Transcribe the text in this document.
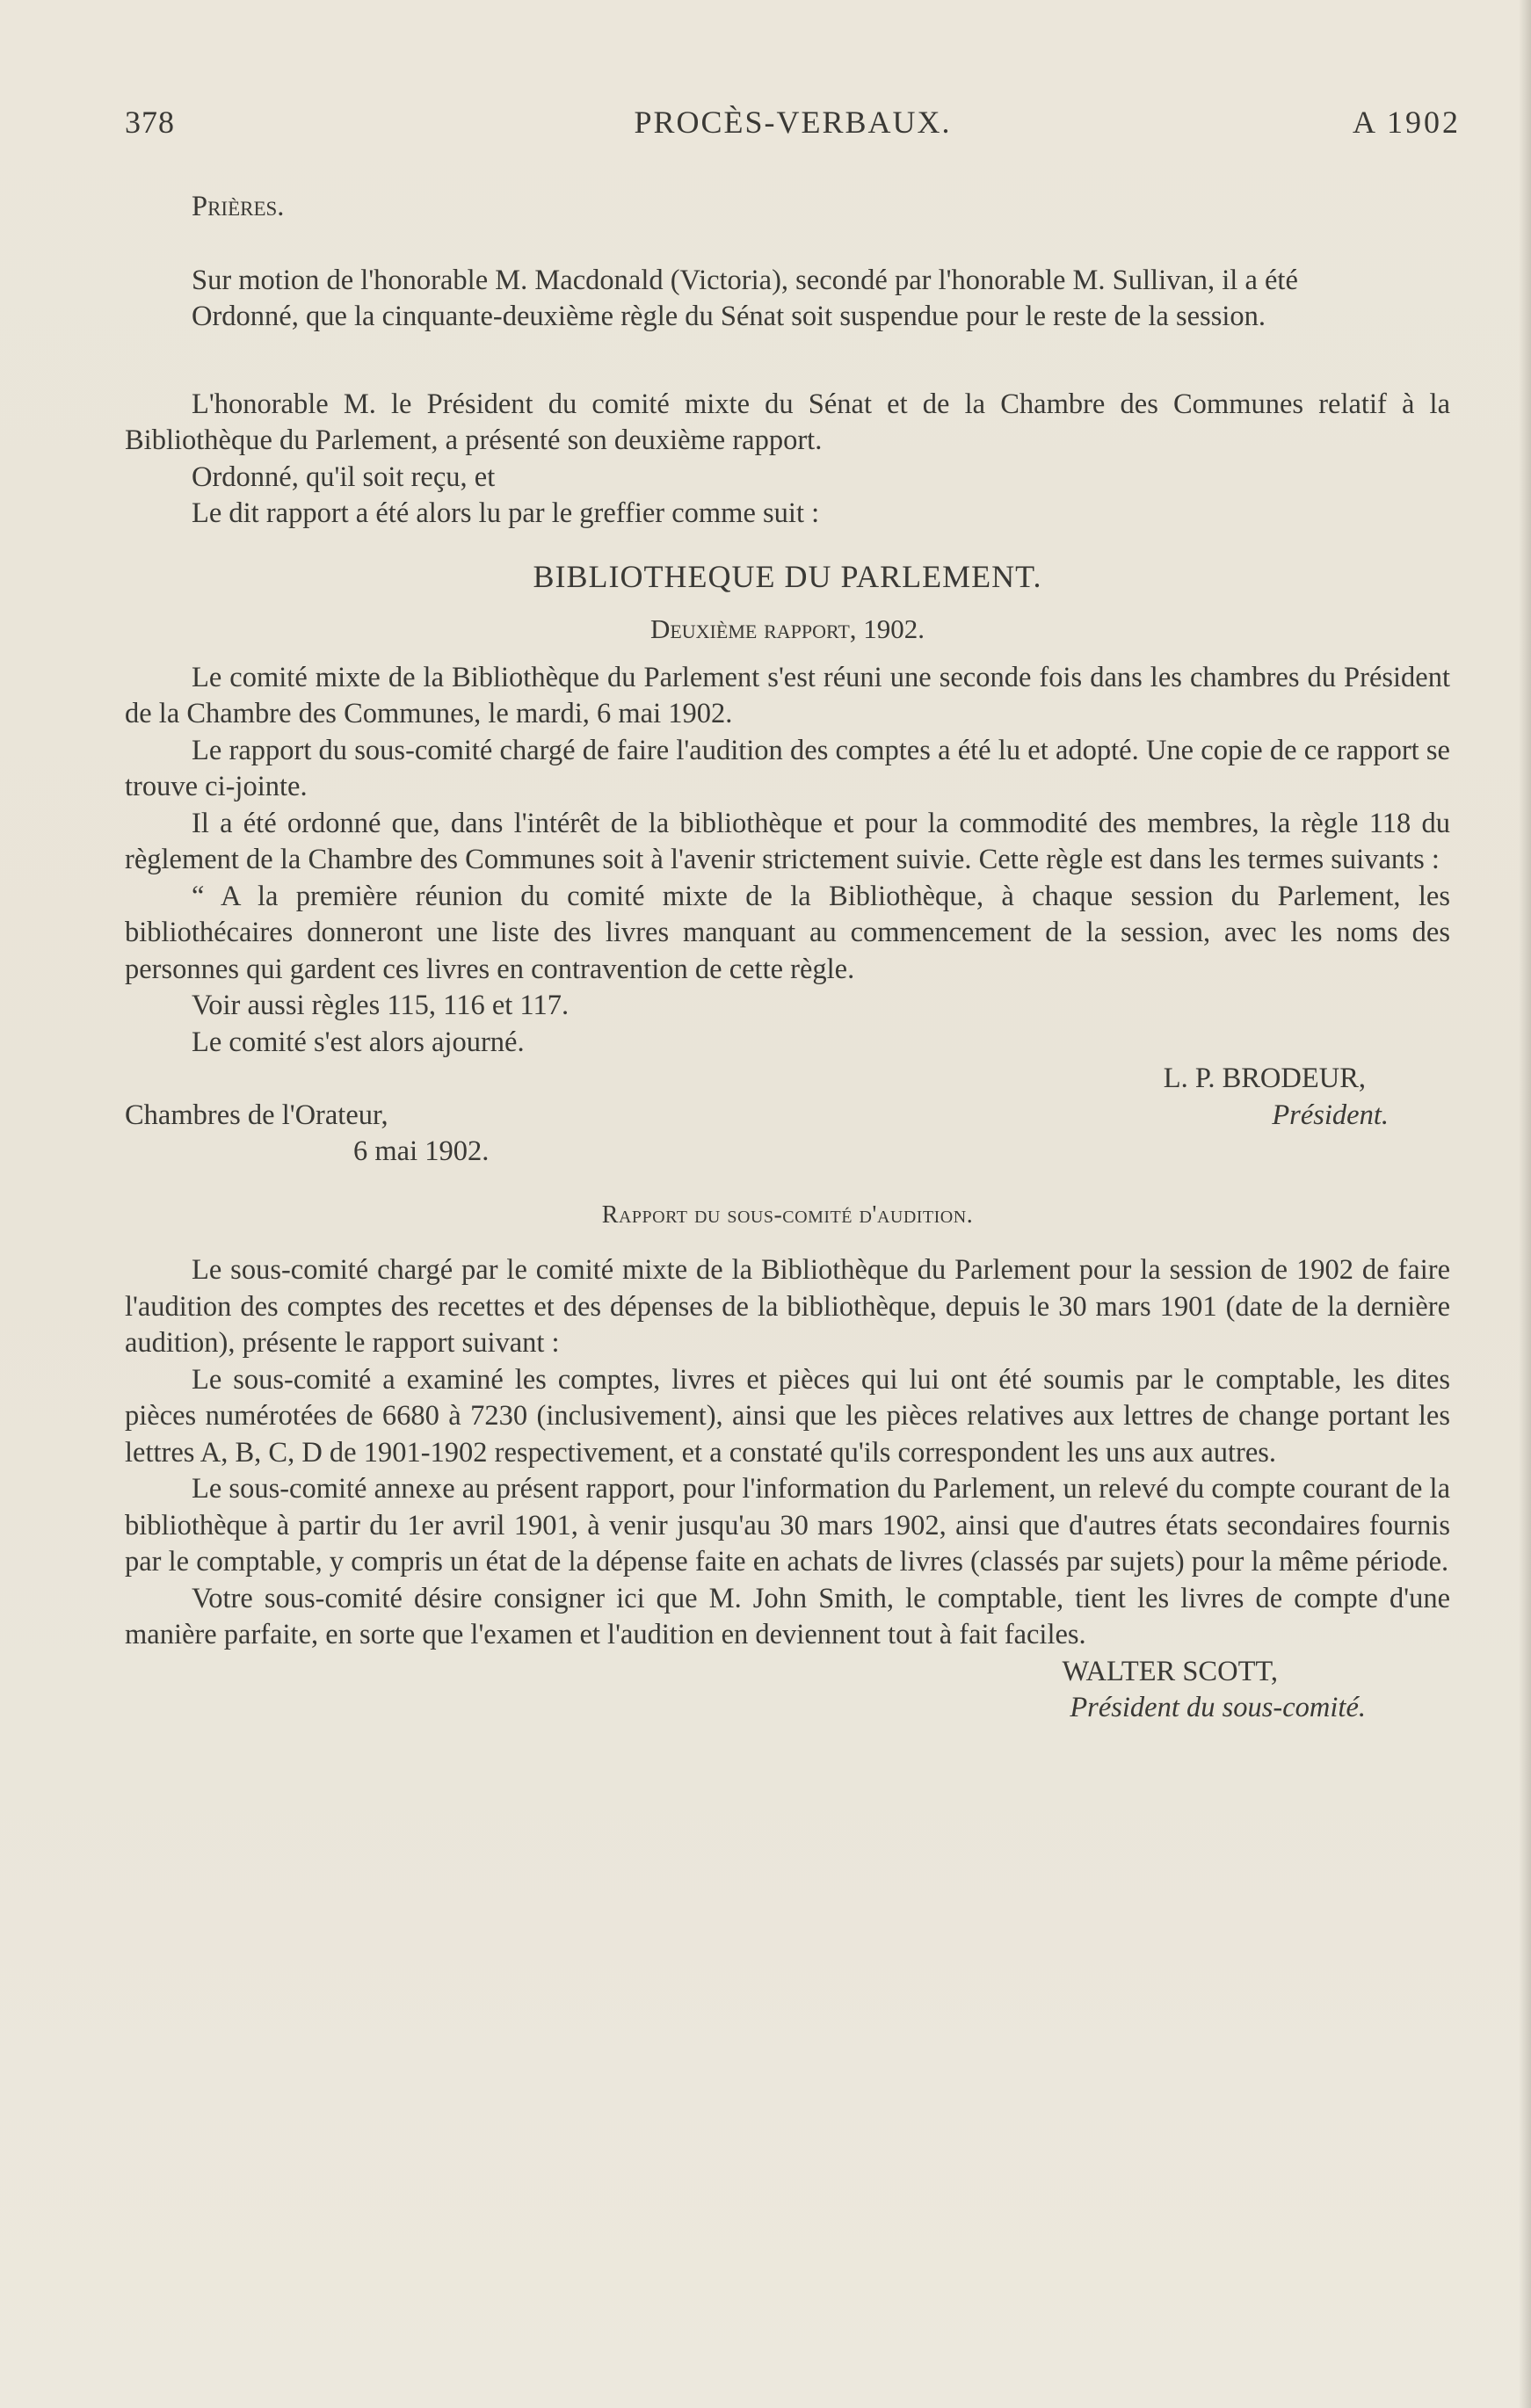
378	PROCÈS-VERBAUX.	A 1902

Prières.

Sur motion de l'honorable M. Macdonald (Victoria), secondé par l'honorable M. Sullivan, il a été

Ordonné, que la cinquante-deuxième règle du Sénat soit suspendue pour le reste de la session.

L'honorable M. le Président du comité mixte du Sénat et de la Chambre des Communes relatif à la Bibliothèque du Parlement, a présenté son deuxième rapport.

Ordonné, qu'il soit reçu, et

Le dit rapport a été alors lu par le greffier comme suit :

BIBLIOTHEQUE DU PARLEMENT.

Deuxième rapport, 1902.

Le comité mixte de la Bibliothèque du Parlement s'est réuni une seconde fois dans les chambres du Président de la Chambre des Communes, le mardi, 6 mai 1902.

Le rapport du sous-comité chargé de faire l'audition des comptes a été lu et adopté. Une copie de ce rapport se trouve ci-jointe.

Il a été ordonné que, dans l'intérêt de la bibliothèque et pour la commodité des membres, la règle 118 du règlement de la Chambre des Communes soit à l'avenir strictement suivie. Cette règle est dans les termes suivants :

“ A la première réunion du comité mixte de la Bibliothèque, à chaque session du Parlement, les bibliothécaires donneront une liste des livres manquant au commencement de la session, avec les noms des personnes qui gardent ces livres en contravention de cette règle.

Voir aussi règles 115, 116 et 117.

Le comité s'est alors ajourné.

L. P. BRODEUR,
Chambres de l'Orateur,	Président.
6 mai 1902.

Rapport du sous-comité d'audition.

Le sous-comité chargé par le comité mixte de la Bibliothèque du Parlement pour la session de 1902 de faire l'audition des comptes des recettes et des dépenses de la bibliothèque, depuis le 30 mars 1901 (date de la dernière audition), présente le rapport suivant :

Le sous-comité a examiné les comptes, livres et pièces qui lui ont été soumis par le comptable, les dites pièces numérotées de 6680 à 7230 (inclusivement), ainsi que les pièces relatives aux lettres de change portant les lettres A, B, C, D de 1901-1902 respectivement, et a constaté qu'ils correspondent les uns aux autres.

Le sous-comité annexe au présent rapport, pour l'information du Parlement, un relevé du compte courant de la bibliothèque à partir du 1er avril 1901, à venir jusqu'au 30 mars 1902, ainsi que d'autres états secondaires fournis par le comptable, y compris un état de la dépense faite en achats de livres (classés par sujets) pour la même période.

Votre sous-comité désire consigner ici que M. John Smith, le comptable, tient les livres de compte d'une manière parfaite, en sorte que l'examen et l'audition en deviennent tout à fait faciles.

WALTER SCOTT,
Président du sous-comité.
